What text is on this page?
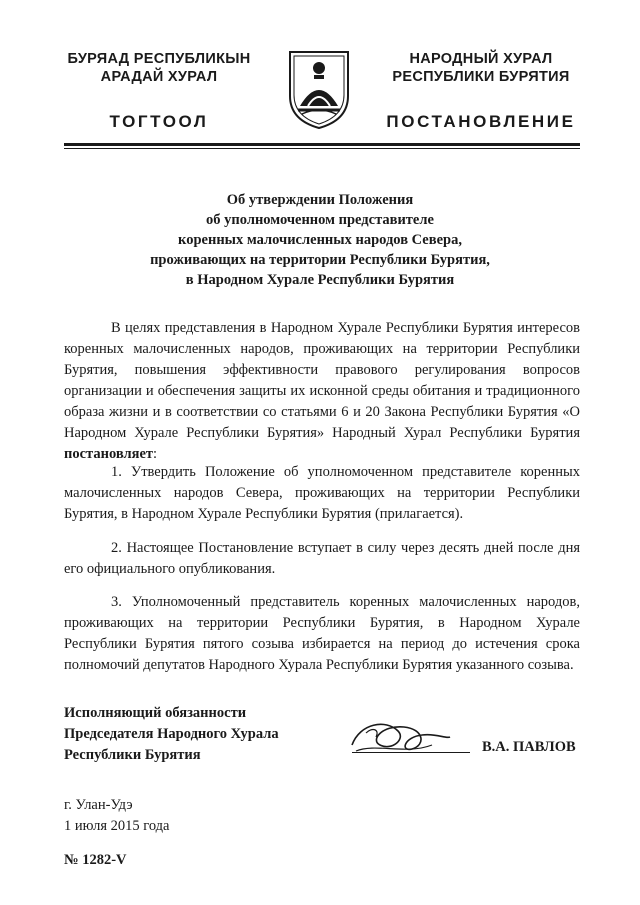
БУРЯАД РЕСПУБЛИКЫН
АРАДАЙ ХУРАЛ
НАРОДНЫЙ ХУРАЛ
РЕСПУБЛИКИ БУРЯТИЯ
ТОГТООЛ	ПОСТАНОВЛЕНИЕ
Об утверждении Положения
об уполномоченном представителе
коренных малочисленных народов Севера,
проживающих на территории Республики Бурятия,
в Народном Хурале Республики Бурятия

В целях представления в Народном Хурале Республики Бурятия интересов коренных малочисленных народов, проживающих на территории Республики Бурятия, повышения эффективности правового регулирования вопросов организации и обеспечения защиты их исконной среды обитания и традиционного образа жизни и в соответствии со статьями 6 и 20 Закона Республики Бурятия «О Народном Хурале Республики Бурятия» Народный Хурал Республики Бурятия постановляет:

1. Утвердить Положение об уполномоченном представителе коренных малочисленных народов Севера, проживающих на территории Республики Бурятия, в Народном Хурале Республики Бурятия (прилагается).

2. Настоящее Постановление вступает в силу через десять дней после дня его официального опубликования.

3. Уполномоченный представитель коренных малочисленных народов, проживающих на территории Республики Бурятия, в Народном Хурале Республики Бурятия пятого созыва избирается на период до истечения срока полномочий депутатов Народного Хурала Республики Бурятия указанного созыва.

Исполняющий обязанности
Председателя Народного Хурала
Республики Бурятия	В.А. ПАВЛОВ
г. Улан-Удэ
1 июля 2015 года
№ 1282-V
